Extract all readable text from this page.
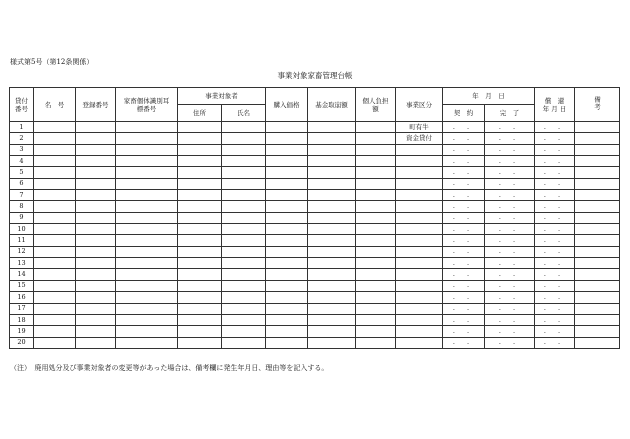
様式第5号（第12条関係）
事業対象家畜管理台帳
貸付番号	名　号	登録番号	家畜個体識別耳標番号	事業対象者		購入価格	基金取崩額	個人負担額	事業区分	年　月　日		償　還
年 月 日	備考
				住所	氏名					契　約	完　了		
1									町有牛	. .	. .	. .	
2									資金貸付	. .	. .	. .	
3										. .	. .	. .	
4										. .	. .	. .	
5										. .	. .	. .	
6										. .	. .	. .	
7										. .	. .	. .	
8										. .	. .	. .	
9										. .	. .	. .	
10										. .	. .	. .	
11										. .	. .	. .	
12										. .	. .	. .	
13										. .	. .	. .	
14										. .	. .	. .	
15										. .	. .	. .	
16										. .	. .	. .	
17										. .	. .	. .	
18										. .	. .	. .	
19										. .	. .	. .	
20										. .	. .	. .	
（注）　廃用処分及び事業対象者の変更等があった場合は、備考欄に発生年月日、理由等を記入する。
